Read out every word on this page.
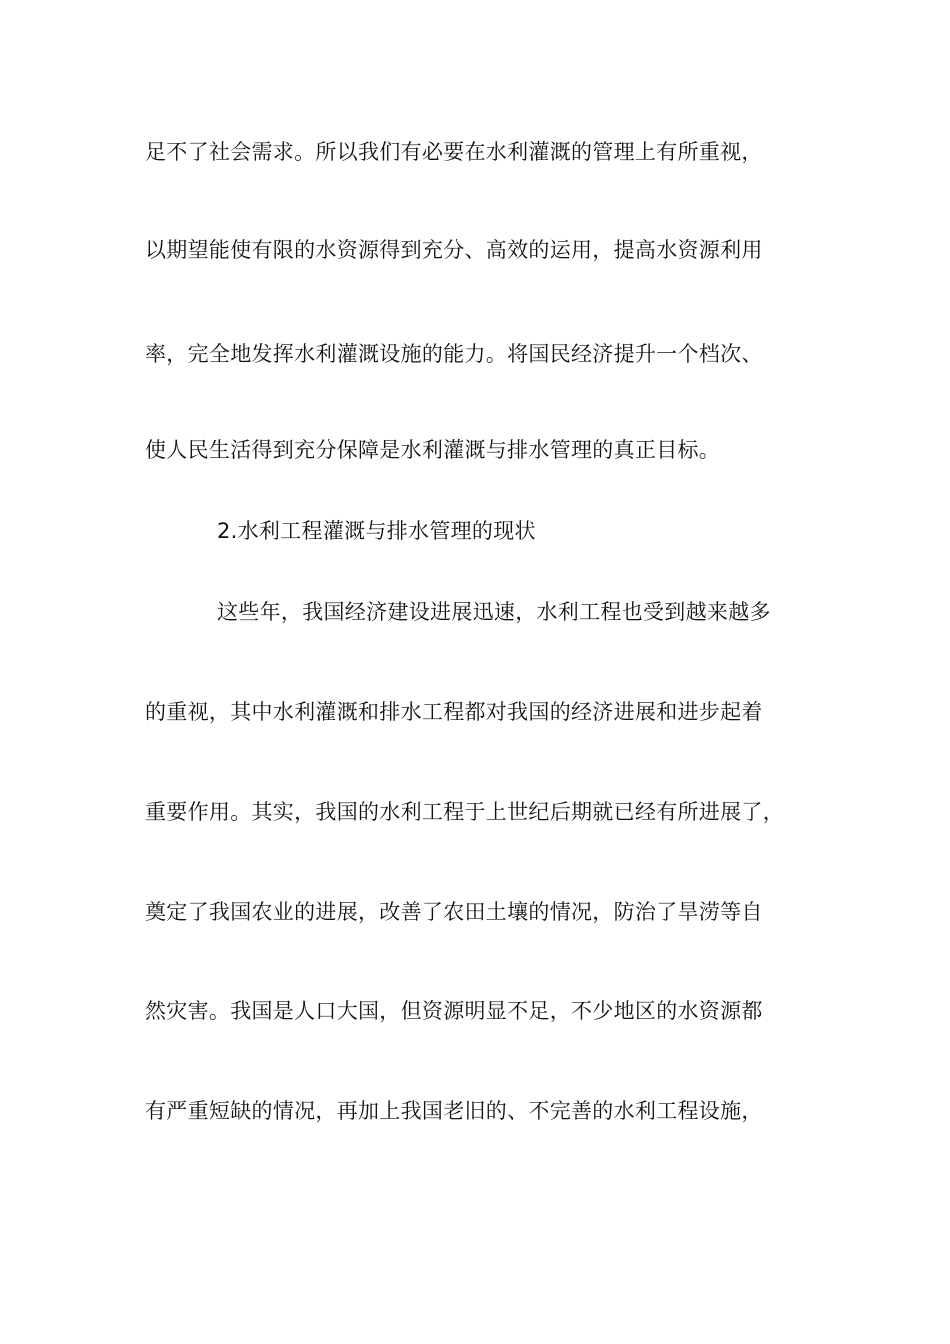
足不了社会需求。所以我们有必要在水利灌溉的管理上有所重视，
以期望能使有限的水资源得到充分、高效的运用，提高水资源利用
率，完全地发挥水利灌溉设施的能力。将国民经济提升一个档次、
使人民生活得到充分保障是水利灌溉与排水管理的真正目标。
2.水利工程灌溉与排水管理的现状
这些年，我国经济建设进展迅速，水利工程也受到越来越多
的重视，其中水利灌溉和排水工程都对我国的经济进展和进步起着
重要作用。其实，我国的水利工程于上世纪后期就已经有所进展了，
奠定了我国农业的进展，改善了农田土壤的情况，防治了旱涝等自
然灾害。我国是人口大国，但资源明显不足，不少地区的水资源都
有严重短缺的情况，再加上我国老旧的、不完善的水利工程设施，
